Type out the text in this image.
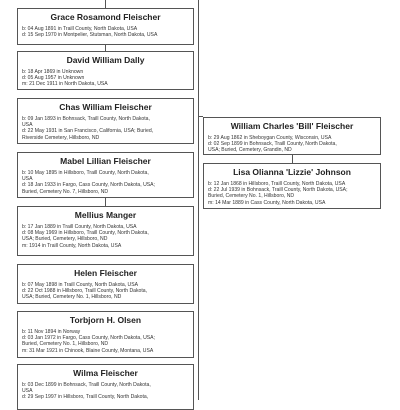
Grace Rosamond Fleischer
b: 04 Aug 1891 in Traill County, North Dakota, USA
d: 15 Sep 1970 in Montpelier, Stutsman, North Dakota, USA
David William Dally
b: 18 Apr 1869 in Unknown
d: 05 Aug 1957 in Unknown
m: 21 Dec 1911 in North Dakota, USA
Chas William Fleischer
b: 09 Jan 1893 in Bohnsack, Traill County, North Dakota,
USA
d: 22 May 1931 in San Francisco, California, USA; Buried,
Riverside Cemetery, Hillsboro, ND
Mabel Lillian Fleischer
b: 10 May 1895 in Hillsboro, Traill County, North Dakota,
USA
d: 18 Jan 1933 in Fargo, Cass County, North Dakota, USA;
Buried, Cemetery No. 7, Hillsboro, ND
Mellius Manger
b: 17 Jan 1889 in Traill County, North Dakota, USA
d: 08 May 1969 in Hillsboro, Traill County, North Dakota,
USA; Buried, Cemetery, Hillsboro, ND
m: 1914 in Traill County, North Dakota, USA
Helen Fleischer
b: 07 May 1898 in Traill County, North Dakota, USA
d: 22 Oct 1988 in Hillsboro, Traill County, North Dakota,
USA; Buried, Cemetery No. 1, Hillsboro, ND
Torbjorn H. Olsen
b: 11 Nov 1894 in Norway
d: 03 Jan 1972 in Fargo, Cass County, North Dakota, USA;
Buried, Cemetery No. 1, Hillsboro, ND
m: 31 Mar 1921 in Chinook, Blaine County, Montana, USA
Wilma Fleischer
b: 03 Dec 1899 in Bohnsack, Traill County, North Dakota,
USA
d: 29 Sep 1997 in Hillsboro, Traill County, North Dakota,
William Charles 'Bill' Fleischer
b: 29 Aug 1862 in Sheboygan County, Wisconsin, USA
d: 02 Sep 1899 in Bohnsack, Traill County, North Dakota,
USA; Buried, Cemetery, Grandin, ND
Lisa Olianna 'Lizzie' Johnson
b: 12 Jan 1868 in Hillsboro, Traill County, North Dakota, USA
d: 22 Jul 1939 in Bohnsack, Traill County, North Dakota, USA;
Buried, Cemetery No. 1, Hillsboro, ND
m: 14 Mar 1889 in Cass County, North Dakota, USA
